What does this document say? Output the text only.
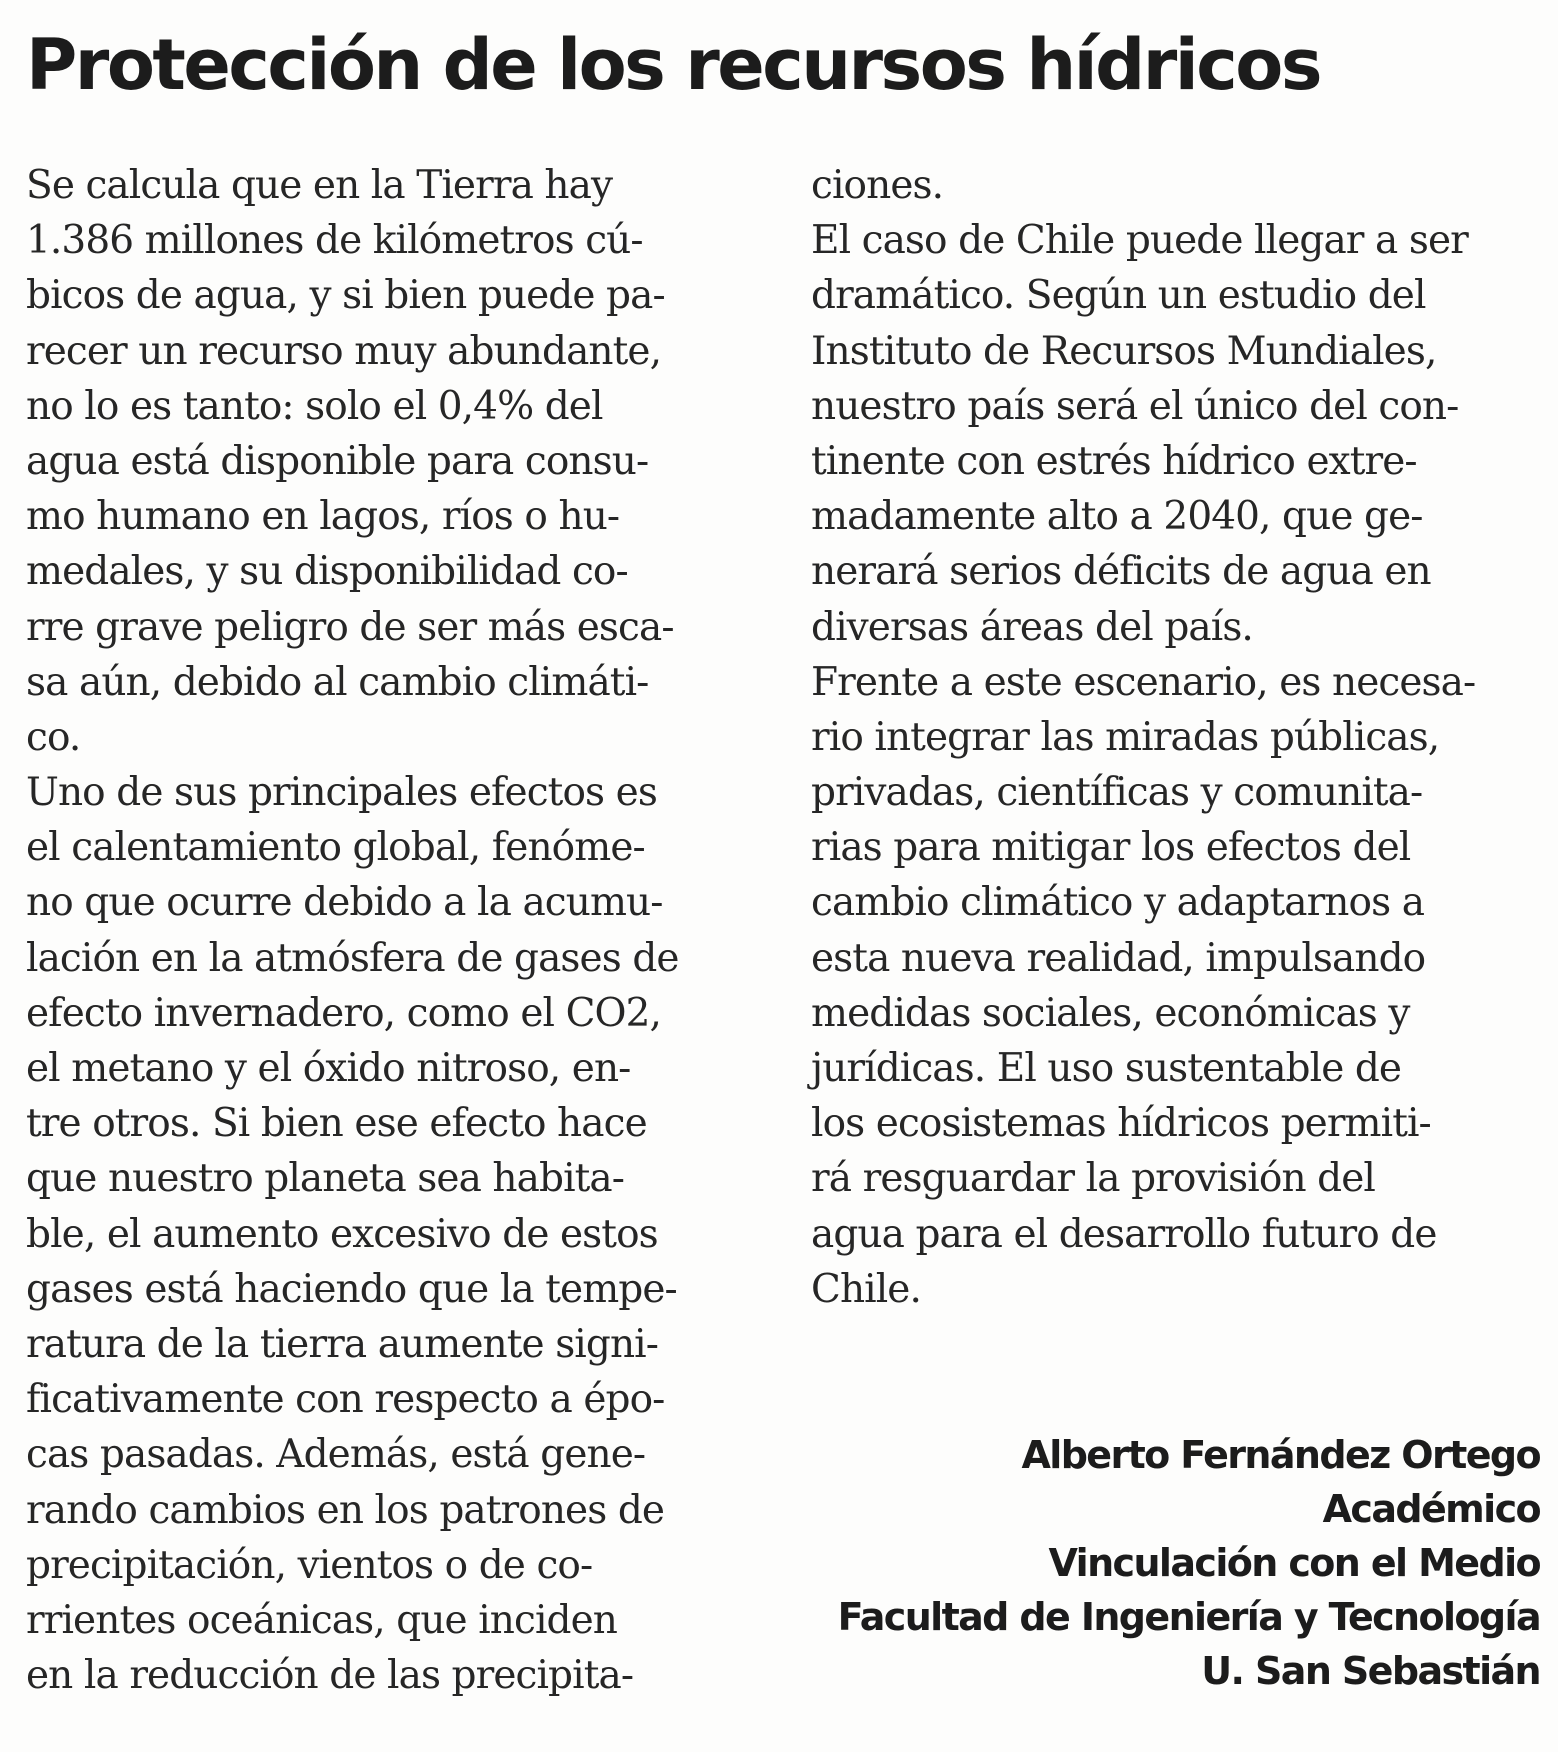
Protección de los recursos hídricos
Se calcula que en la Tierra hay
1.386 millones de kilómetros cú-
bicos de agua, y si bien puede pa-
recer un recurso muy abundante,
no lo es tanto: solo el 0,4% del
agua está disponible para consu-
mo humano en lagos, ríos o hu-
medales, y su disponibilidad co-
rre grave peligro de ser más esca-
sa aún, debido al cambio climáti-
co.
Uno de sus principales efectos es
el calentamiento global, fenóme-
no que ocurre debido a la acumu-
lación en la atmósfera de gases de
efecto invernadero, como el CO2,
el metano y el óxido nitroso, en-
tre otros. Si bien ese efecto hace
que nuestro planeta sea habita-
ble, el aumento excesivo de estos
gases está haciendo que la tempe-
ratura de la tierra aumente signi-
ficativamente con respecto a épo-
cas pasadas. Además, está gene-
rando cambios en los patrones de
precipitación, vientos o de co-
rrientes oceánicas, que inciden
en la reducción de las precipita-
ciones.
El caso de Chile puede llegar a ser
dramático. Según un estudio del
Instituto de Recursos Mundiales,
nuestro país será el único del con-
tinente con estrés hídrico extre-
madamente alto a 2040, que ge-
nerará serios déficits de agua en
diversas áreas del país.
Frente a este escenario, es necesa-
rio integrar las miradas públicas,
privadas, científicas y comunita-
rias para mitigar los efectos del
cambio climático y adaptarnos a
esta nueva realidad, impulsando
medidas sociales, económicas y
jurídicas. El uso sustentable de
los ecosistemas hídricos permiti-
rá resguardar la provisión del
agua para el desarrollo futuro de
Chile.
Alberto Fernández Ortego
Académico
Vinculación con el Medio
Facultad de Ingeniería y Tecnología
U. San Sebastián
